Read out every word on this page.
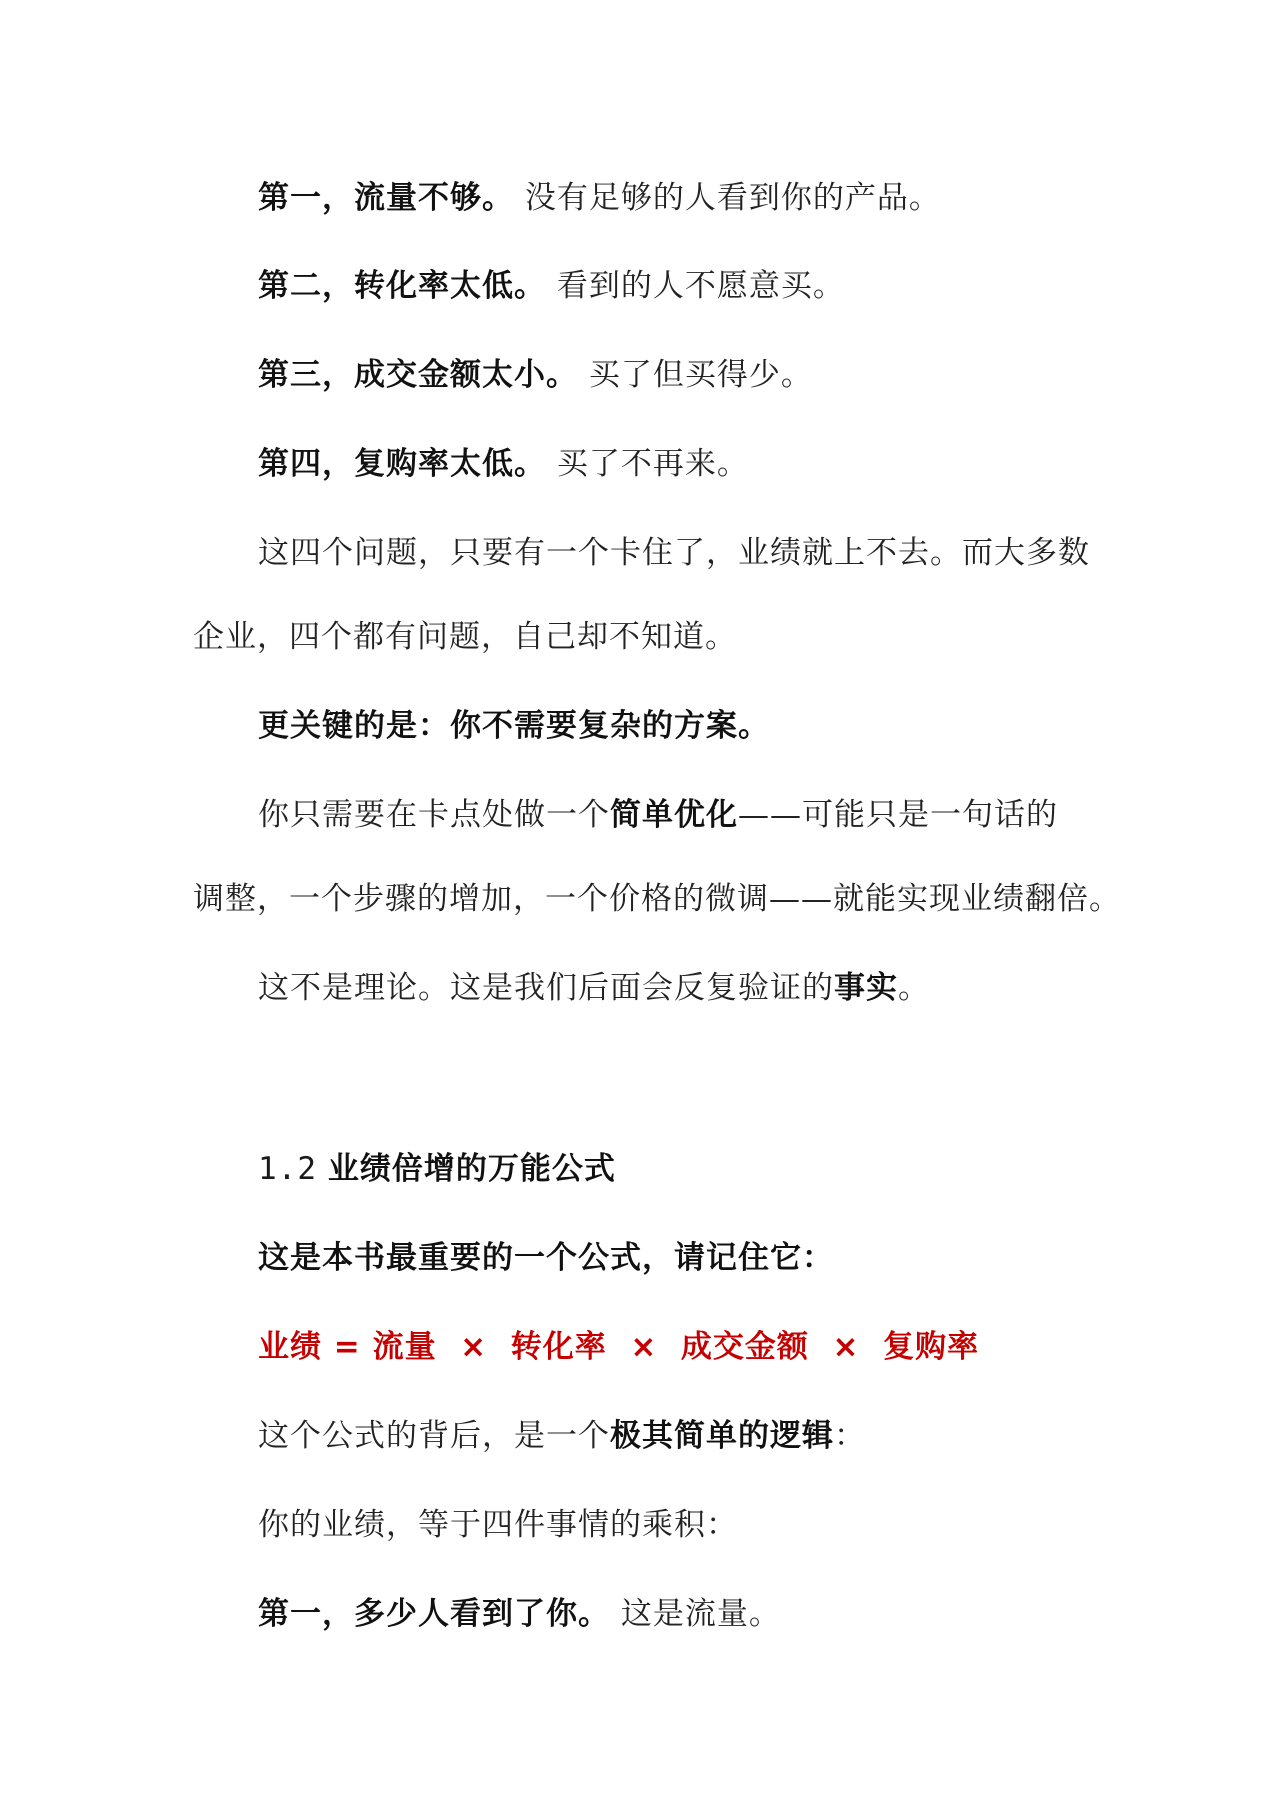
第一，流量不够。 没有足够的人看到你的产品。
第二，转化率太低。 看到的人不愿意买。
第三，成交金额太小。 买了但买得少。
第四，复购率太低。 买了不再来。
这四个问题，只要有一个卡住了，业绩就上不去。而大多数
企业，四个都有问题，自己却不知道。
更关键的是：你不需要复杂的方案。
你只需要在卡点处做一个简单优化——可能只是一句话的
调整，一个步骤的增加，一个价格的微调——就能实现业绩翻倍。
这不是理论。这是我们后面会反复验证的事实。
1.2 业绩倍增的万能公式
这是本书最重要的一个公式，请记住它：
业绩 = 流量 × 转化率 × 成交金额 × 复购率
这个公式的背后，是一个极其简单的逻辑：
你的业绩，等于四件事情的乘积：
第一，多少人看到了你。 这是流量。
